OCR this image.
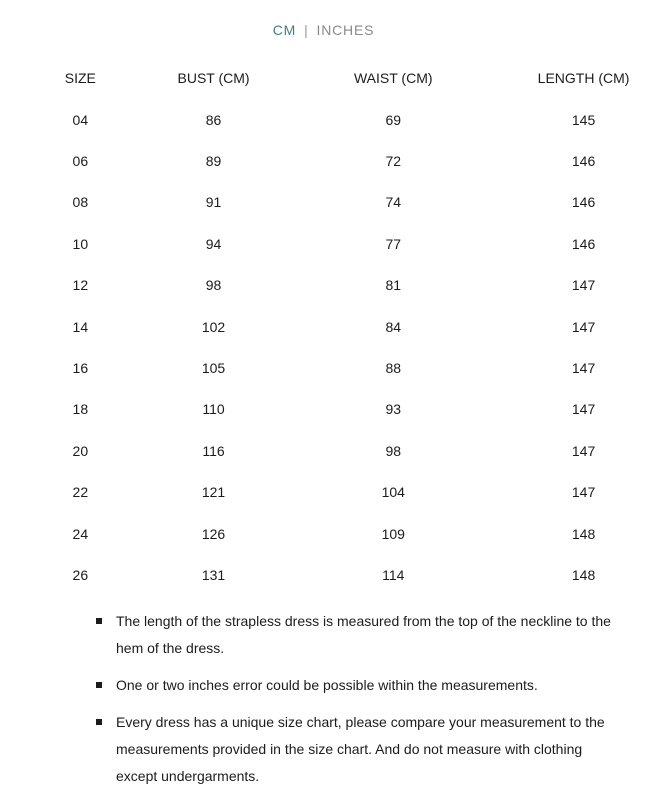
CM | INCHES
SIZE	BUST (CM)	WAIST (CM)	LENGTH (CM)
04	86	69	145
06	89	72	146
08	91	74	146
10	94	77	146
12	98	81	147
14	102	84	147
16	105	88	147
18	110	93	147
20	116	98	147
22	121	104	147
24	126	109	148
26	131	114	148
The length of the strapless dress is measured from the top of the neckline to the hem of the dress.
One or two inches error could be possible within the measurements.
Every dress has a unique size chart, please compare your measurement to the measurements provided in the size chart. And do not measure with clothing except undergarments.
